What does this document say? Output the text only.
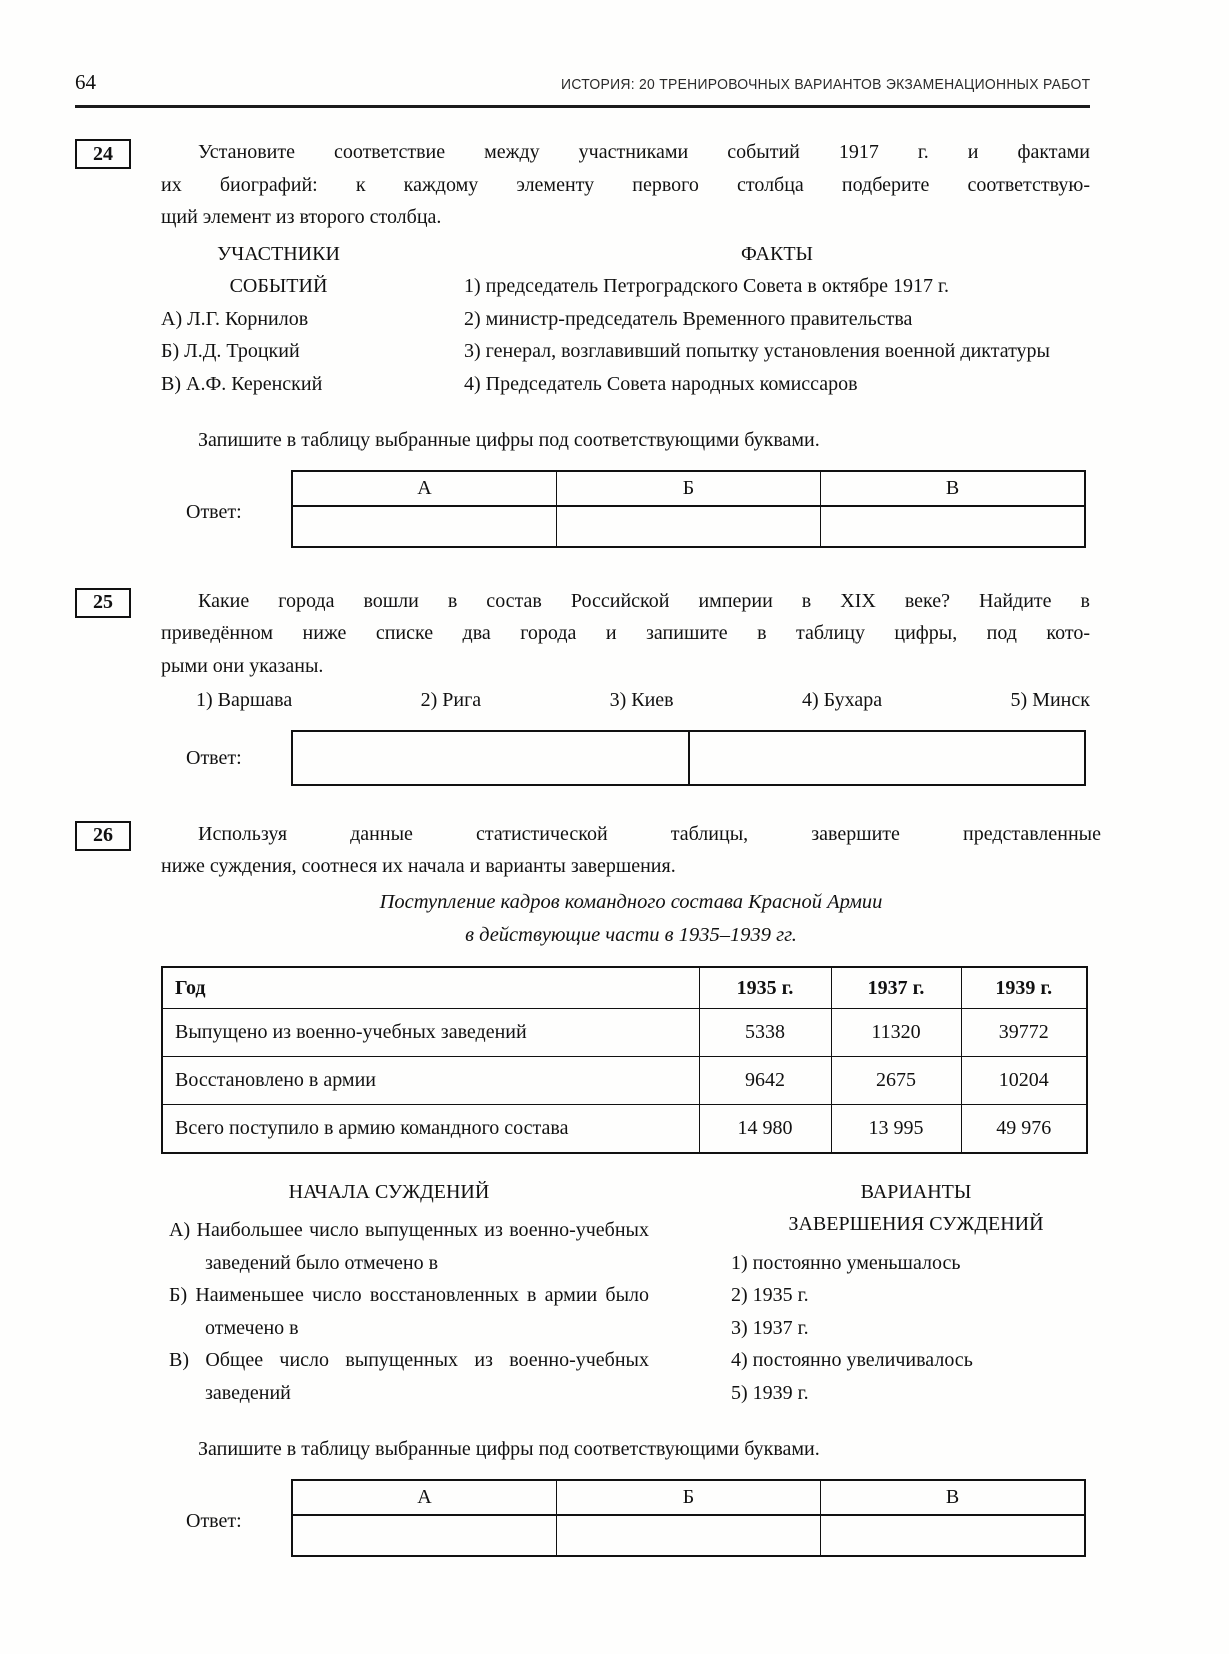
64	ИСТОРИЯ: 20 ТРЕНИРОВОЧНЫХ ВАРИАНТОВ ЭКЗАМЕНАЦИОННЫХ РАБОТ
24	Установите соответствие между участниками событий 1917 г. и фактами
их биографий: к каждому элементу первого столбца подберите соответствую-
щий элемент из второго столбца.
УЧАСТНИКИ
СОБЫТИЙ
А) Л.Г. Корнилов
Б) Л.Д. Троцкий
В) А.Ф. Керенский
ФАКТЫ
1) председатель Петроградского Совета в октябре 1917 г.
2) министр-председатель Временного правительства
3) генерал, возглавивший попытку установления военной диктатуры
4) Председатель Совета народных комиссаров
Запишите в таблицу выбранные цифры под соответствующими буквами.
Ответ:
А	Б	В

25	Какие города вошли в состав Российской империи в XIX веке? Найдите в
приведённом ниже списке два города и запишите в таблицу цифры, под кото-
рыми они указаны.
1) Варшава	2) Рига	3) Киев	4) Бухара	5) Минск
Ответ:

26	Используя данные статистической таблицы, завершите представленные
ниже суждения, соотнеся их начала и варианты завершения.
Поступление кадров командного состава Красной Армии
в действующие части в 1935–1939 гг.
Год	1935 г.	1937 г.	1939 г.
Выпущено из военно-учебных заведений	5338	11320	39772
Восстановлено в армии	9642	2675	10204
Всего поступило в армию командного состава	14 980	13 995	49 976
НАЧАЛА СУЖДЕНИЙ
А) Наибольшее число выпущенных из военно-учебных заведений было отмечено в
Б) Наименьшее число восстановленных в армии было отмечено в
В) Общее число выпущенных из военно-учебных заведений
ВАРИАНТЫ
ЗАВЕРШЕНИЯ СУЖДЕНИЙ
1) постоянно уменьшалось
2) 1935 г.
3) 1937 г.
4) постоянно увеличивалось
5) 1939 г.
Запишите в таблицу выбранные цифры под соответствующими буквами.
Ответ:
А	Б	В
